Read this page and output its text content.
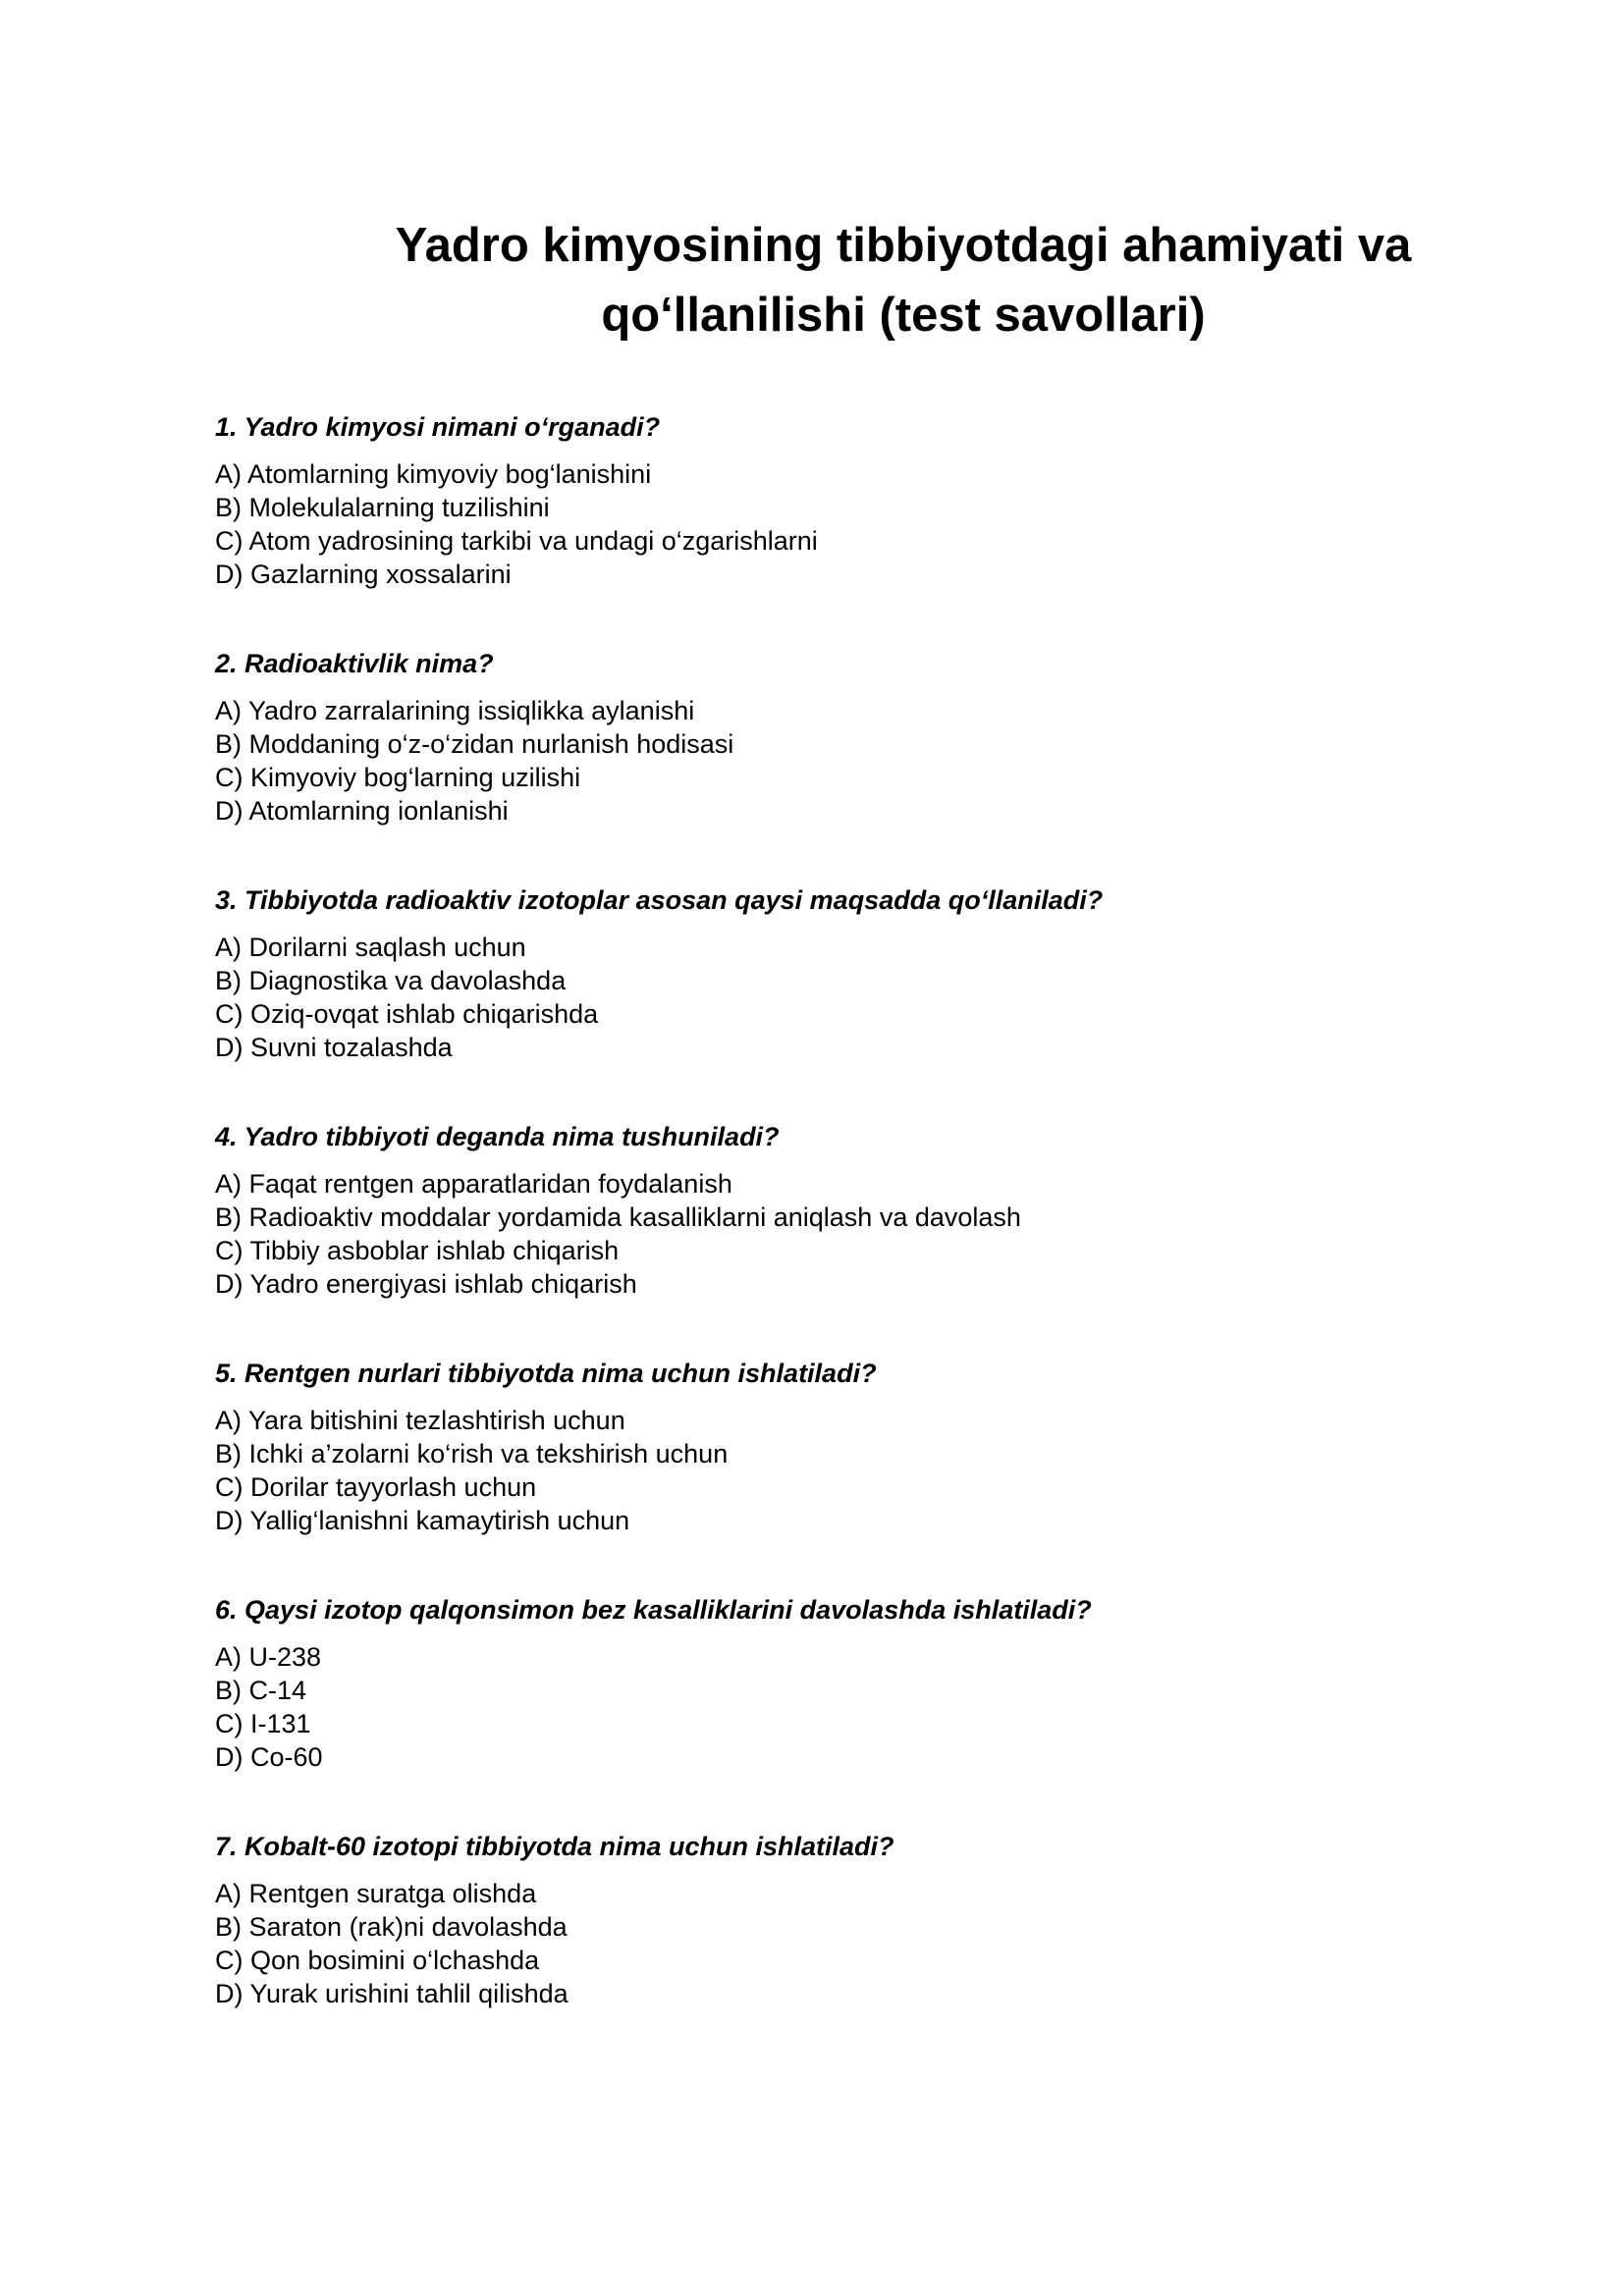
Yadro kimyosining tibbiyotdagi ahamiyati va
qo‘llanilishi (test savollari)

1. Yadro kimyosi nimani o‘rganadi?

A) Atomlarning kimyoviy bog‘lanishini
B) Molekulalarning tuzilishini
C) Atom yadrosining tarkibi va undagi o‘zgarishlarni
D) Gazlarning xossalarini

2. Radioaktivlik nima?

A) Yadro zarralarining issiqlikka aylanishi
B) Moddaning o‘z-o‘zidan nurlanish hodisasi
C) Kimyoviy bog‘larning uzilishi
D) Atomlarning ionlanishi

3. Tibbiyotda radioaktiv izotoplar asosan qaysi maqsadda qo‘llaniladi?

A) Dorilarni saqlash uchun
B) Diagnostika va davolashda
C) Oziq-ovqat ishlab chiqarishda
D) Suvni tozalashda

4. Yadro tibbiyoti deganda nima tushuniladi?

A) Faqat rentgen apparatlaridan foydalanish
B) Radioaktiv moddalar yordamida kasalliklarni aniqlash va davolash
C) Tibbiy asboblar ishlab chiqarish
D) Yadro energiyasi ishlab chiqarish

5. Rentgen nurlari tibbiyotda nima uchun ishlatiladi?

A) Yara bitishini tezlashtirish uchun
B) Ichki a’zolarni ko‘rish va tekshirish uchun
C) Dorilar tayyorlash uchun
D) Yallig‘lanishni kamaytirish uchun

6. Qaysi izotop qalqonsimon bez kasalliklarini davolashda ishlatiladi?

A) U-238
B) C-14
C) I-131
D) Co-60

7. Kobalt-60 izotopi tibbiyotda nima uchun ishlatiladi?

A) Rentgen suratga olishda
B) Saraton (rak)ni davolashda
C) Qon bosimini o‘lchashda
D) Yurak urishini tahlil qilishda
